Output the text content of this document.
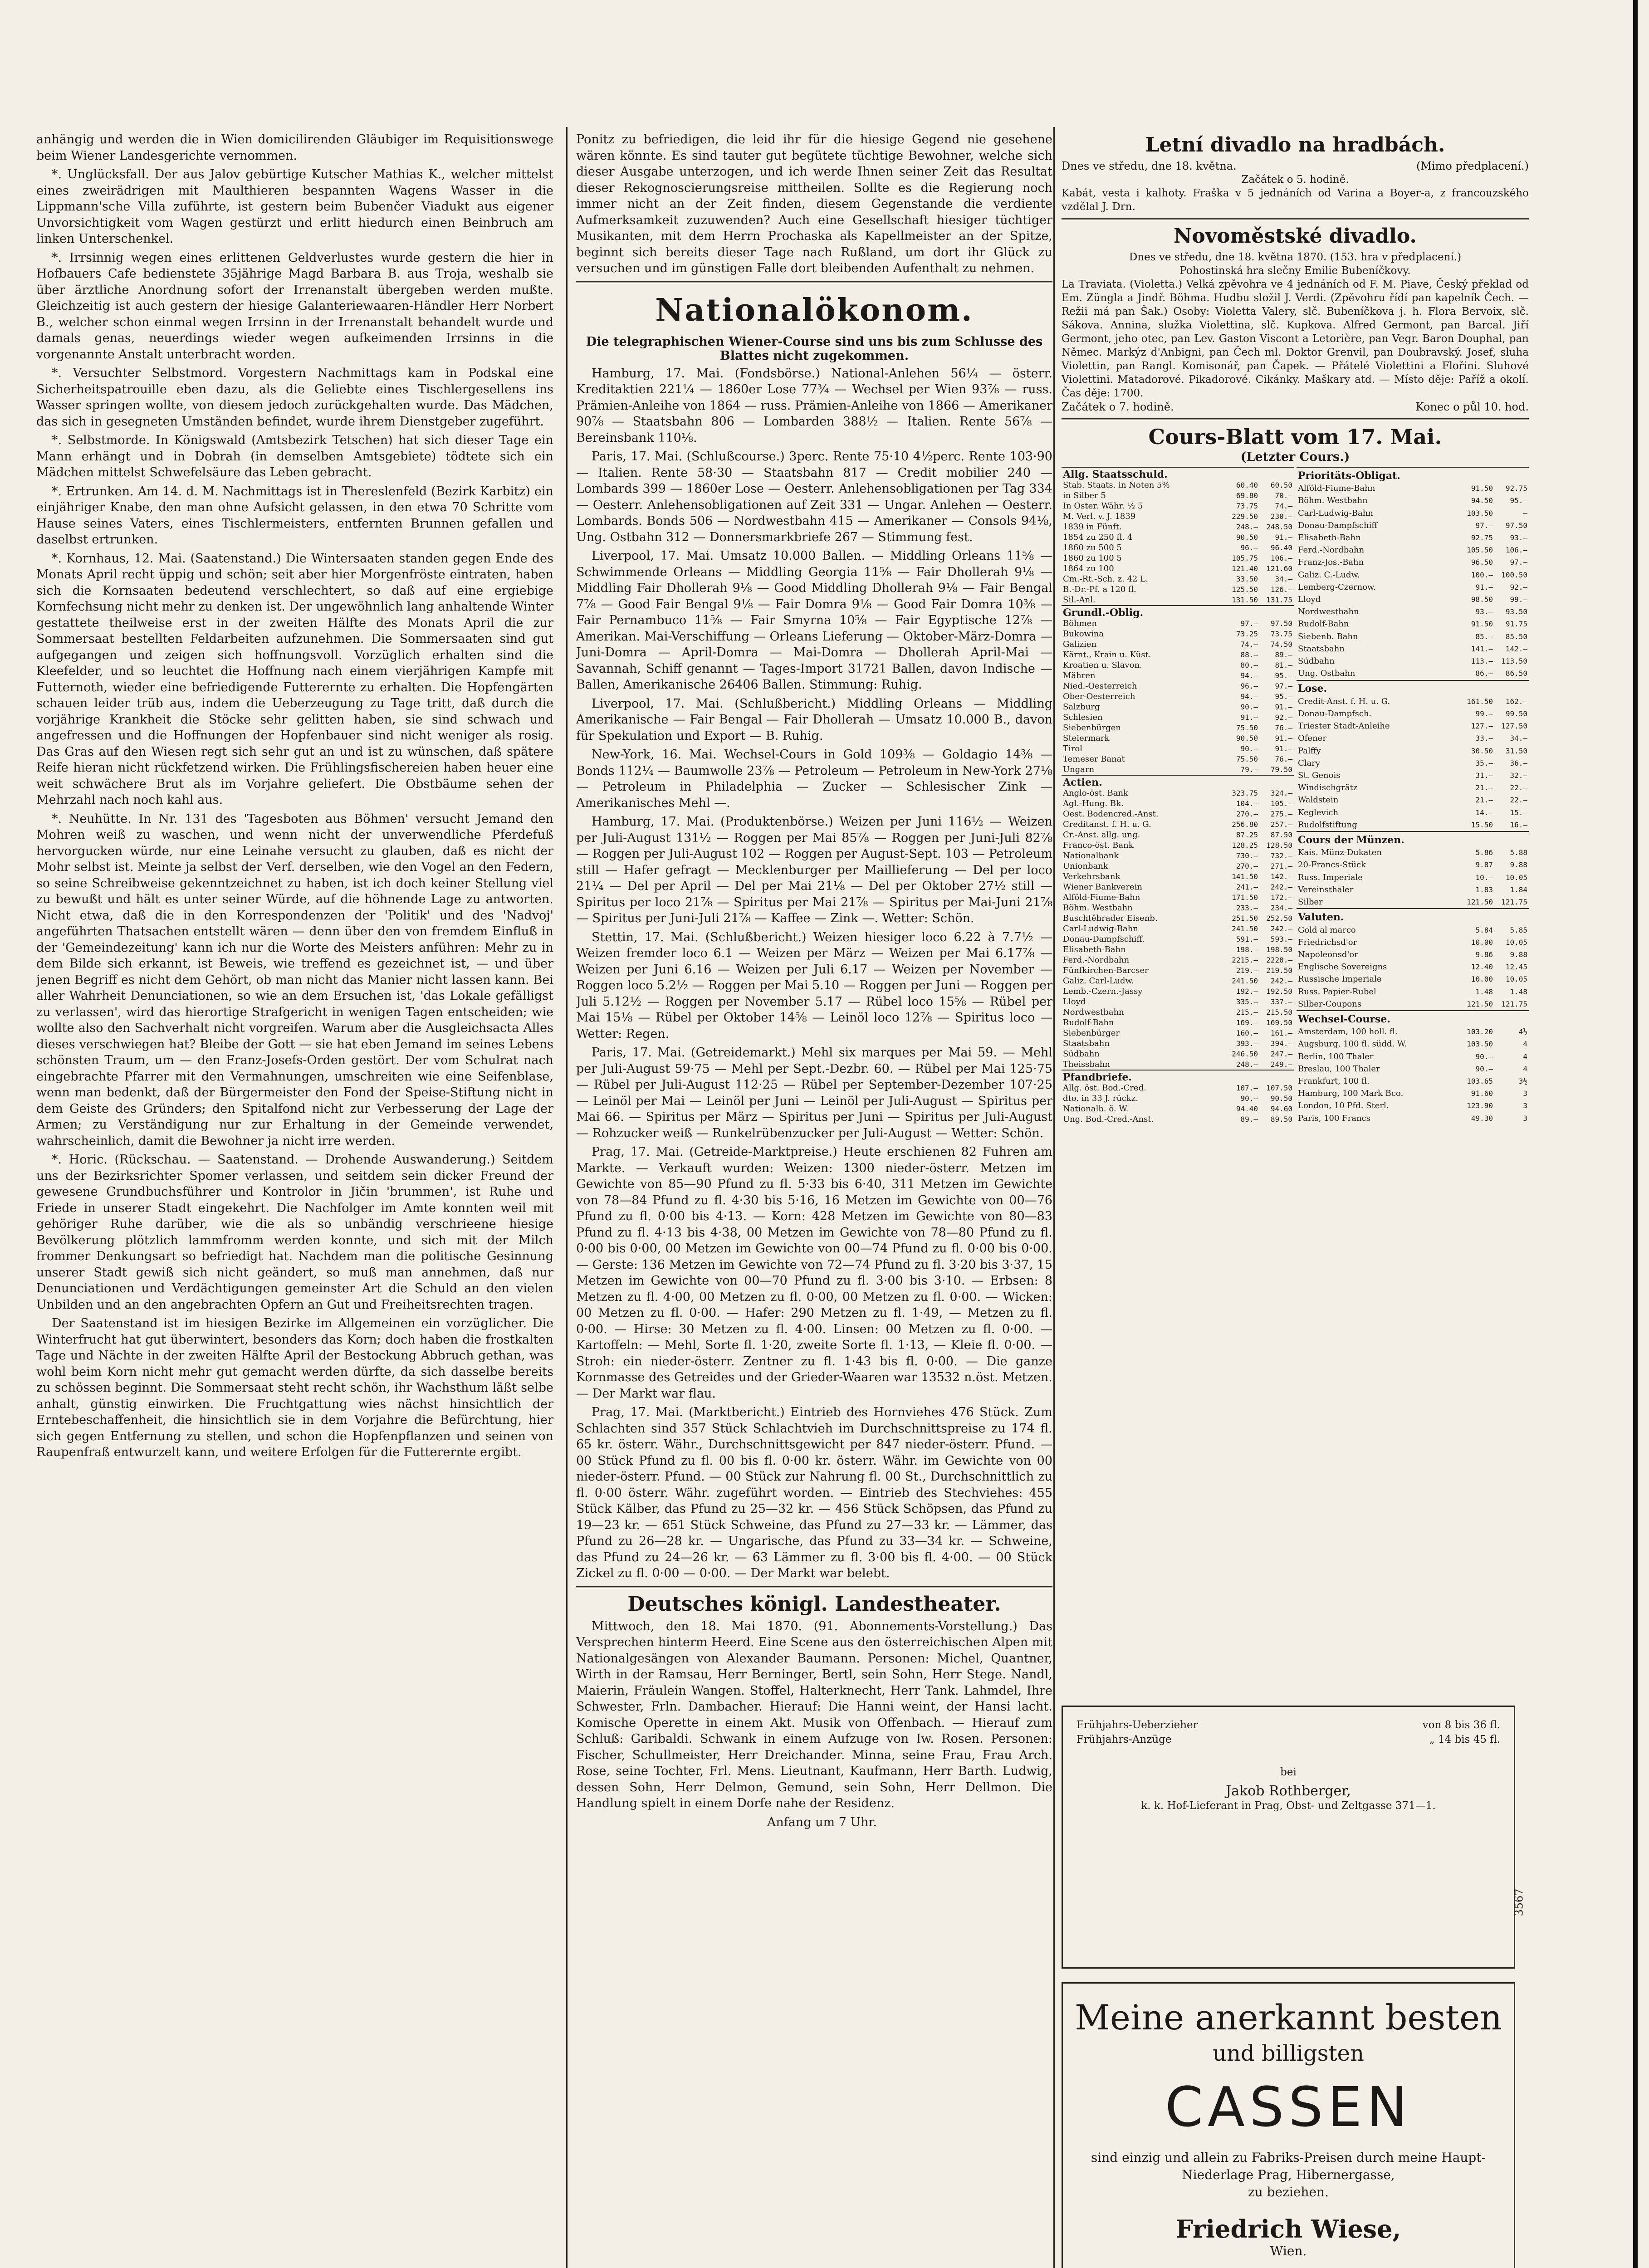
anhängig und werden die in Wien domicilirenden Gläubiger im Requisitionswege beim Wiener Landesgerichte vernommen.

*. Unglücksfall. Der aus Jalov gebürtige Kutscher Mathias K., welcher mittelst eines zweirädrigen mit Maulthieren bespannten Wagens Wasser in die Lippmann'sche Villa zuführte, ist gestern beim Bubenčer Viadukt aus eigener Unvorsichtigkeit vom Wagen gestürzt und erlitt hiedurch einen Beinbruch am linken Unterschenkel.

*. Irrsinnig wegen eines erlittenen Geldverlustes wurde gestern die hier in Hofbauers Cafe bedienstete 35jährige Magd Barbara B. aus Troja, weshalb sie über ärztliche Anordnung sofort der Irrenanstalt übergeben werden mußte. Gleichzeitig ist auch gestern der hiesige Galanteriewaaren-Händler Herr Norbert B., welcher schon einmal wegen Irrsinn in der Irrenanstalt behandelt wurde und damals genas, neuerdings wieder wegen aufkeimenden Irrsinns in die vorgenannte Anstalt unterbracht worden.

*. Versuchter Selbstmord. Vorgestern Nachmittags kam in Podskal eine Sicherheitspatrouille eben dazu, als die Geliebte eines Tischlergesellens ins Wasser springen wollte, von diesem jedoch zurückgehalten wurde. Das Mädchen, das sich in gesegneten Umständen befindet, wurde ihrem Dienstgeber zugeführt.

*. Selbstmorde. In Königswald (Amtsbezirk Tetschen) hat sich dieser Tage ein Mann erhängt und in Dobrah (in demselben Amtsgebiete) tödtete sich ein Mädchen mittelst Schwefelsäure das Leben gebracht.

*. Ertrunken. Am 14. d. M. Nachmittags ist in Thereslenfeld (Bezirk Karbitz) ein einjähriger Knabe, den man ohne Aufsicht gelassen, in den etwa 70 Schritte vom Hause seines Vaters, eines Tischlermeisters, entfernten Brunnen gefallen und daselbst ertrunken.

*. Kornhaus, 12. Mai. (Saatenstand.) Die Wintersaaten standen gegen Ende des Monats April recht üppig und schön; seit aber hier Morgenfröste eintraten, haben sich die Kornsaaten bedeutend verschlechtert, so daß auf eine ergiebige Kornfechsung nicht mehr zu denken ist. Der ungewöhnlich lang anhaltende Winter gestattete theilweise erst in der zweiten Hälfte des Monats April die zur Sommersaat bestellten Feldarbeiten aufzunehmen. Die Sommersaaten sind gut aufgegangen und zeigen sich hoffnungsvoll. Vorzüglich erhalten sind die Kleefelder, und so leuchtet die Hoffnung nach einem vierjährigen Kampfe mit Futternoth, wieder eine befriedigende Futterernte zu erhalten. Die Hopfengärten schauen leider trüb aus, indem die Ueberzeugung zu Tage tritt, daß durch die vorjährige Krankheit die Stöcke sehr gelitten haben, sie sind schwach und angefressen und die Hoffnungen der Hopfenbauer sind nicht weniger als rosig. Das Gras auf den Wiesen regt sich sehr gut an und ist zu wünschen, daß spätere Reife hieran nicht rückfetzend wirken. Die Frühlingsfischereien haben heuer eine weit schwächere Brut als im Vorjahre geliefert. Die Obstbäume sehen der Mehrzahl nach noch kahl aus.

*. Neuhütte. In Nr. 131 des 'Tagesboten aus Böhmen' versucht Jemand den Mohren weiß zu waschen, und wenn nicht der unverwendliche Pferdefuß hervorgucken würde, nur eine Leinahe versucht zu glauben, daß es nicht der Mohr selbst ist. Meinte ja selbst der Verf. derselben, wie den Vogel an den Federn, so seine Schreibweise gekenntzeichnet zu haben, ist ich doch keiner Stellung viel zu bewußt und hält es unter seiner Würde, auf die höhnende Lage zu antworten. Nicht etwa, daß die in den Korrespondenzen der 'Politik' und des 'Nadvoj' angeführten Thatsachen entstellt wären — denn über den von fremdem Einfluß in der 'Gemeindezeitung' kann ich nur die Worte des Meisters anführen: Mehr zu in dem Bilde sich erkannt, ist Beweis, wie treffend es gezeichnet ist, — und über jenen Begriff es nicht dem Gehört, ob man nicht das Manier nicht lassen kann. Bei aller Wahrheit Denunciationen, so wie an dem Ersuchen ist, 'das Lokale gefälligst zu verlassen', wird das hierortige Strafgericht in wenigen Tagen entscheiden; wie wollte also den Sachverhalt nicht vorgreifen. Warum aber die Ausgleichsacta Alles dieses verschwiegen hat? Bleibe der Gott — sie hat eben Jemand im seines Lebens schönsten Traum, um — den Franz-Josefs-Orden gestört. Der vom Schulrat nach eingebrachte Pfarrer mit den Vermahnungen, umschreiten wie eine Seifenblase, wenn man bedenkt, daß der Bürgermeister den Fond der Speise-Stiftung nicht in dem Geiste des Gründers; den Spitalfond nicht zur Verbesserung der Lage der Armen; zu Verständigung nur zur Erhaltung in der Gemeinde verwendet, wahrscheinlich, damit die Bewohner ja nicht irre werden.

*. Horic. (Rückschau. — Saatenstand. — Drohende Auswanderung.) Seitdem uns der Bezirksrichter Spomer verlassen, und seitdem sein dicker Freund der gewesene Grundbuchsführer und Kontrolor in Jičin 'brummen', ist Ruhe und Friede in unserer Stadt eingekehrt. Die Nachfolger im Amte konnten weil mit gehöriger Ruhe darüber, wie die als so unbändig verschrieene hiesige Bevölkerung plötzlich lammfromm werden konnte, und sich mit der Milch frommer Denkungsart so befriedigt hat. Nachdem man die politische Gesinnung unserer Stadt gewiß sich nicht geändert, so muß man annehmen, daß nur Denunciationen und Verdächtigungen gemeinster Art die Schuld an den vielen Unbilden und an den angebrachten Opfern an Gut und Freiheitsrechten tragen.

Der Saatenstand ist im hiesigen Bezirke im Allgemeinen ein vorzüglicher. Die Winterfrucht hat gut überwintert, besonders das Korn; doch haben die frostkalten Tage und Nächte in der zweiten Hälfte April der Bestockung Abbruch gethan, was wohl beim Korn nicht mehr gut gemacht werden dürfte, da sich dasselbe bereits zu schössen beginnt. Die Sommersaat steht recht schön, ihr Wachsthum läßt selbe anhalt, günstig einwirken. Die Fruchtgattung wies nächst hinsichtlich der Erntebeschaffenheit, die hinsichtlich sie in dem Vorjahre die Befürchtung, hier sich gegen Entfernung zu stellen, und schon die Hopfenpflanzen und seinen von Raupenfraß entwurzelt kann, und weitere Erfolgen für die Futterernte ergibt.

Ponitz zu befriedigen, die leid ihr für die hiesige Gegend nie gesehene wären könnte. Es sind tauter gut begütete tüchtige Bewohner, welche sich dieser Ausgabe unterzogen, und ich werde Ihnen seiner Zeit das Resultat dieser Rekognoscierungsreise mittheilen. Sollte es die Regierung noch immer nicht an der Zeit finden, diesem Gegenstande die verdiente Aufmerksamkeit zuzuwenden? Auch eine Gesellschaft hiesiger tüchtiger Musikanten, mit dem Herrn Prochaska als Kapellmeister an der Spitze, beginnt sich bereits dieser Tage nach Rußland, um dort ihr Glück zu versuchen und im günstigen Falle dort bleibenden Aufenthalt zu nehmen.

Nationalökonom.
Die telegraphischen Wiener-Course sind uns bis zum Schlusse des Blattes nicht zugekommen.

Hamburg, 17. Mai. (Fondsbörse.) National-Anlehen 56¼ — österr. Kreditaktien 221¼ — 1860er Lose 77¾ — Wechsel per Wien 93⅞ — russ. Prämien-Anleihe von 1864 — russ. Prämien-Anleihe von 1866 — Amerikaner 90⅞ — Staatsbahn 806 — Lombarden 388½ — Italien. Rente 56⅞ — Bereinsbank 110⅛.

Paris, 17. Mai. (Schlußcourse.) 3perc. Rente 75·10 4½perc. Rente 103·90 — Italien. Rente 58·30 — Staatsbahn 817 — Credit mobilier 240 — Lombards 399 — 1860er Lose — Oesterr. Anlehensobligationen per Tag 334 — Oesterr. Anlehensobligationen auf Zeit 331 — Ungar. Anlehen — Oesterr. Lombards. Bonds 506 — Nordwestbahn 415 — Amerikaner — Consols 94⅛, Ung. Ostbahn 312 — Donnersmarkbriefe 267 — Stimmung fest.

Liverpool, 17. Mai. Umsatz 10.000 Ballen. — Middling Orleans 11⅝ — Schwimmende Orleans — Middling Georgia 11⅝ — Fair Dhollerah 9⅛ — Middling Fair Dhollerah 9⅛ — Good Middling Dhollerah 9⅛ — Fair Bengal 7⅞ — Good Fair Bengal 9⅛ — Fair Domra 9⅛ — Good Fair Domra 10⅜ — Fair Pernambuco 11⅝ — Fair Smyrna 10⅝ — Fair Egyptische 12⅞ — Amerikan. Mai-Verschiffung — Orleans Lieferung — Oktober-März-Domra — Juni-Domra — April-Domra — Mai-Domra — Dhollerah April-Mai — Savannah, Schiff genannt — Tages-Import 31721 Ballen, davon Indische — Ballen, Amerikanische 26406 Ballen. Stimmung: Ruhig.

Liverpool, 17. Mai. (Schlußbericht.) Middling Orleans — Middling Amerikanische — Fair Bengal — Fair Dhollerah — Umsatz 10.000 B., davon für Spekulation und Export — B. Ruhig.

New-York, 16. Mai. Wechsel-Cours in Gold 109⅜ — Goldagio 14⅜ — Bonds 112¼ — Baumwolle 23⅞ — Petroleum — Petroleum in New-York 27⅛ — Petroleum in Philadelphia — Zucker — Schlesischer Zink — Amerikanisches Mehl —.

Hamburg, 17. Mai. (Produktenbörse.) Weizen per Juni 116½ — Weizen per Juli-August 131½ — Roggen per Mai 85⅞ — Roggen per Juni-Juli 82⅞ — Roggen per Juli-August 102 — Roggen per August-Sept. 103 — Petroleum still — Hafer gefragt — Mecklenburger per Maillieferung — Del per loco 21¼ — Del per April — Del per Mai 21⅛ — Del per Oktober 27½ still — Spiritus per loco 21⅞ — Spiritus per Mai 21⅞ — Spiritus per Mai-Juni 21⅞ — Spiritus per Juni-Juli 21⅞ — Kaffee — Zink —. Wetter: Schön.

Stettin, 17. Mai. (Schlußbericht.) Weizen hiesiger loco 6.22 à 7.7½ — Weizen fremder loco 6.1 — Weizen per März — Weizen per Mai 6.17⅞ — Weizen per Juni 6.16 — Weizen per Juli 6.17 — Weizen per November — Roggen loco 5.2½ — Roggen per Mai 5.10 — Roggen per Juni — Roggen per Juli 5.12½ — Roggen per November 5.17 — Rübel loco 15⅝ — Rübel per Mai 15⅛ — Rübel per Oktober 14⅝ — Leinöl loco 12⅞ — Spiritus loco — Wetter: Regen.

Paris, 17. Mai. (Getreidemarkt.) Mehl six marques per Mai 59. — Mehl per Juli-August 59·75 — Mehl per Sept.-Dezbr. 60. — Rübel per Mai 125·75 — Rübel per Juli-August 112·25 — Rübel per September-Dezember 107·25 — Leinöl per Mai — Leinöl per Juni — Leinöl per Juli-August — Spiritus per Mai 66. — Spiritus per März — Spiritus per Juni — Spiritus per Juli-August — Rohzucker weiß — Runkelrübenzucker per Juli-August — Wetter: Schön.

Prag, 17. Mai. (Getreide-Marktpreise.) Heute erschienen 82 Fuhren am Markte. — Verkauft wurden: Weizen: 1300 nieder-österr. Metzen im Gewichte von 85—90 Pfund zu fl. 5·33 bis 6·40, 311 Metzen im Gewichte von 78—84 Pfund zu fl. 4·30 bis 5·16, 16 Metzen im Gewichte von 00—76 Pfund zu fl. 0·00 bis 4·13. — Korn: 428 Metzen im Gewichte von 80—83 Pfund zu fl. 4·13 bis 4·38, 00 Metzen im Gewichte von 78—80 Pfund zu fl. 0·00 bis 0·00, 00 Metzen im Gewichte von 00—74 Pfund zu fl. 0·00 bis 0·00. — Gerste: 136 Metzen im Gewichte von 72—74 Pfund zu fl. 3·20 bis 3·37, 15 Metzen im Gewichte von 00—70 Pfund zu fl. 3·00 bis 3·10. — Erbsen: 8 Metzen zu fl. 4·00, 00 Metzen zu fl. 0·00, 00 Metzen zu fl. 0·00. — Wicken: 00 Metzen zu fl. 0·00. — Hafer: 290 Metzen zu fl. 1·49, — Metzen zu fl. 0·00. — Hirse: 30 Metzen zu fl. 4·00. Linsen: 00 Metzen zu fl. 0·00. — Kartoffeln: — Mehl, Sorte fl. 1·20, zweite Sorte fl. 1·13, — Kleie fl. 0·00. — Stroh: ein nieder-österr. Zentner zu fl. 1·43 bis fl. 0·00. — Die ganze Kornmasse des Getreides und der Grieder-Waaren war 13532 n.öst. Metzen. — Der Markt war flau.

Prag, 17. Mai. (Marktbericht.) Eintrieb des Hornviehes 476 Stück. Zum Schlachten sind 357 Stück Schlachtvieh im Durchschnittspreise zu 174 fl. 65 kr. österr. Währ., Durchschnittsgewicht per 847 nieder-österr. Pfund. — 00 Stück Pfund zu fl. 00 bis fl. 0·00 kr. österr. Währ. im Gewichte von 00 nieder-österr. Pfund. — 00 Stück zur Nahrung fl. 00 St., Durchschnittlich zu fl. 0·00 österr. Währ. zugeführt worden. — Eintrieb des Stechviehes: 455 Stück Kälber, das Pfund zu 25—32 kr. — 456 Stück Schöpsen, das Pfund zu 19—23 kr. — 651 Stück Schweine, das Pfund zu 27—33 kr. — Lämmer, das Pfund zu 26—28 kr. — Ungarische, das Pfund zu 33—34 kr. — Schweine, das Pfund zu 24—26 kr. — 63 Lämmer zu fl. 3·00 bis fl. 4·00. — 00 Stück Zickel zu fl. 0·00 — 0·00. — Der Markt war belebt.

Deutsches königl. Landestheater.

Mittwoch, den 18. Mai 1870. (91. Abonnements-Vorstellung.) Das Versprechen hinterm Heerd. Eine Scene aus den österreichischen Alpen mit Nationalgesängen von Alexander Baumann. Personen: Michel, Quantner, Wirth in der Ramsau, Herr Berninger, Bertl, sein Sohn, Herr Stege. Nandl, Maierin, Fräulein Wangen. Stoffel, Halterknecht, Herr Tank. Lahmdel, Ihre Schwester, Frln. Dambacher. Hierauf: Die Hanni weint, der Hansi lacht. Komische Operette in einem Akt. Musik von Offenbach. — Hierauf zum Schluß: Garibaldi. Schwank in einem Aufzuge von Iw. Rosen. Personen: Fischer, Schullmeister, Herr Dreichander. Minna, seine Frau, Frau Arch. Rose, seine Tochter, Frl. Mens. Lieutnant, Kaufmann, Herr Barth. Ludwig, dessen Sohn, Herr Delmon, Gemund, sein Sohn, Herr Dellmon. Die Handlung spielt in einem Dorfe nahe der Residenz.

Anfang um 7 Uhr.

Letní divadlo na hradbách.
Dnes ve středu, dne 18. května.	(Mimo předplacení.)
Začátek o 5. hodině.
Kabát, vesta i kalhoty. Fraška v 5 jednáních od Varina a Boyer-a, z francouzského vzdělal J. Drn.
Novoměstské divadlo.
Dnes ve středu, dne 18. května 1870. (153. hra v předplacení.)
Pohostinská hra slečny Emilie Bubeníčkovy.
La Traviata. (Violetta.) Velká zpěvohra ve 4 jednáních od F. M. Piave, Český překlad od Em. Züngla a Jindř. Böhma. Hudbu složil J. Verdi. (Zpěvohru řídí pan kapelník Čech. — Režii má pan Šak.) Osoby: Violetta Valery, slč. Bubeníčkova j. h. Flora Bervoix, slč. Sákova. Annina, služka Violettina, slč. Kupkova. Alfred Germont, pan Barcal. Jiří Germont, jeho otec, pan Lev. Gaston Viscont a Letorière, pan Vegr. Baron Douphal, pan Němec. Markýz d'Anbigni, pan Čech ml. Doktor Grenvil, pan Doubravský. Josef, sluha Violettin, pan Rangl. Komisonář, pan Čapek. — Přátelé Violettini a Flořini. Sluhové Violettini. Matadorové. Pikadorové. Cikánky. Maškary atd. — Místo děje: Paříž a okolí. Čas děje: 1700.
Začátek o 7. hodině.	Konec o půl 10. hod.
Cours-Blatt vom 17. Mai.
(Letzter Cours.)
Allg. Staatsschuld.		
Stab. Staats. in Noten 5%	60.40	60.50
in Silber 5	69.80	70.—
In Oster. Währ. ½ 5	73.75	74.—
M. Verl. v. J. 1839	229.50	230.—
1839 in Fünft.	248.—	248.50
1854 zu 250 fl. 4	90.50	91.—
1860 zu 500 5	96.—	96.40
1860 zu 100 5	105.75	106.—
1864 zu 100	121.40	121.60
Cm.-Rt.-Sch. z. 42 L.	33.50	34.—
B.-Dr.-Pf. a 120 fl.	125.50	126.—
Sil.-Anl.	131.50	131.75
Grundl.-Oblig.		
Böhmen	97.—	97.50
Bukowina	73.25	73.75
Galizien	74.—	74.50
Kärnt., Krain u. Küst.	88.—	89.—
Kroatien u. Slavon.	80.—	81.—
Mähren	94.—	95.—
Nied.-Oesterreich	96.—	97.—
Ober-Oesterreich	94.—	95.—
Salzburg	90.—	91.—
Schlesien	91.—	92.—
Siebenbürgen	75.50	76.—
Steiermark	90.50	91.—
Tirol	90.—	91.—
Temeser Banat	75.50	76.—
Ungarn	79.—	79.50
Actien.		
Anglo-öst. Bank	323.75	324.—
Agl.-Hung. Bk.	104.—	105.—
Oest. Bodencred.-Anst.	270.—	275.—
Creditanst. f. H. u. G.	256.80	257.—
Cr.-Anst. allg. ung.	87.25	87.50
Franco-öst. Bank	128.25	128.50
Nationalbank	730.—	732.—
Unionbank	270.—	271.—
Verkehrsbank	141.50	142.—
Wiener Bankverein	241.—	242.—
Alföld-Fiume-Bahn	171.50	172.—
Böhm. Westbahn	233.—	234.—
Buschtěhrader Eisenb.	251.50	252.50
Carl-Ludwig-Bahn	241.50	242.—
Donau-Dampfschiff.	591.—	593.—
Elisabeth-Bahn	198.—	198.50
Ferd.-Nordbahn	2215.—	2220.—
Fünfkirchen-Barcser	219.—	219.50
Galiz. Carl-Ludw.	241.50	242.—
Lemb.-Czern.-Jassy	192.—	192.50
Lloyd	335.—	337.—
Nordwestbahn	215.—	215.50
Rudolf-Bahn	169.—	169.50
Siebenbürger	160.—	161.—
Staatsbahn	393.—	394.—
Südbahn	246.50	247.—
Theissbahn	248.—	249.—
Pfandbriefe.		
Allg. öst. Bod.-Cred.	107.—	107.50
dto. in 33 J. rückz.	90.—	90.50
Nationalb. ö. W.	94.40	94.60
Ung. Bod.-Cred.-Anst.	89.—	89.50
Prioritäts-Obligat.		
Alföld-Fiume-Bahn	91.50	92.75
Böhm. Westbahn	94.50	95.—
Carl-Ludwig-Bahn	103.50	—
Donau-Dampfschiff	97.—	97.50
Elisabeth-Bahn	92.75	93.—
Ferd.-Nordbahn	105.50	106.—
Franz-Jos.-Bahn	96.50	97.—
Galiz. C.-Ludw.	100.—	100.50
Lemberg-Czernow.	91.—	92.—
Lloyd	98.50	99.—
Nordwestbahn	93.—	93.50
Rudolf-Bahn	91.50	91.75
Siebenb. Bahn	85.—	85.50
Staatsbahn	141.—	142.—
Südbahn	113.—	113.50
Ung. Ostbahn	86.—	86.50
Lose.		
Credit-Anst. f. H. u. G.	161.50	162.—
Donau-Dampfsch.	99.—	99.50
Triester Stadt-Anleihe	127.—	127.50
Ofener	33.—	34.—
Palffy	30.50	31.50
Clary	35.—	36.—
St. Genois	31.—	32.—
Windischgrätz	21.—	22.—
Waldstein	21.—	22.—
Keglevich	14.—	15.—
Rudolfstiftung	15.50	16.—
Cours der Münzen.		
Kais. Münz-Dukaten	5.86	5.88
20-Francs-Stück	9.87	9.88
Russ. Imperiale	10.—	10.05
Vereinsthaler	1.83	1.84
Silber	121.50	121.75
Valuten.		
Gold al marco	5.84	5.85
Friedrichsd'or	10.00	10.05
Napoleonsd'or	9.86	9.88
Englische Sovereigns	12.40	12.45
Russische Imperiale	10.00	10.05
Russ. Papier-Rubel	1.48	1.48
Silber-Coupons	121.50	121.75
Wechsel-Course.		
Amsterdam, 100 holl. fl.	103.20	4½
Augsburg, 100 fl. südd. W.	103.50	4
Berlin, 100 Thaler	90.—	4
Breslau, 100 Thaler	90.—	4
Frankfurt, 100 fl.	103.65	3½
Hamburg, 100 Mark Bco.	91.60	3
London, 10 Pfd. Sterl.	123.90	3
Paris, 100 Francs	49.30	3
Frühjahrs-Ueberzieher	von 8 bis 36 fl.
Frühjahrs-Anzüge	„ 14 bis 45 fl.
bei
Jakob Rothberger,
k. k. Hof-Lieferant in Prag, Obst- und Zeltgasse 371—1.
3567
Meine anerkannt besten
und billigsten
CASSEN
sind einzig und allein zu Fabriks-Preisen durch meine Haupt-Niederlage Prag, Hibernergasse,
zu beziehen.
Friedrich Wiese,
Wien.
